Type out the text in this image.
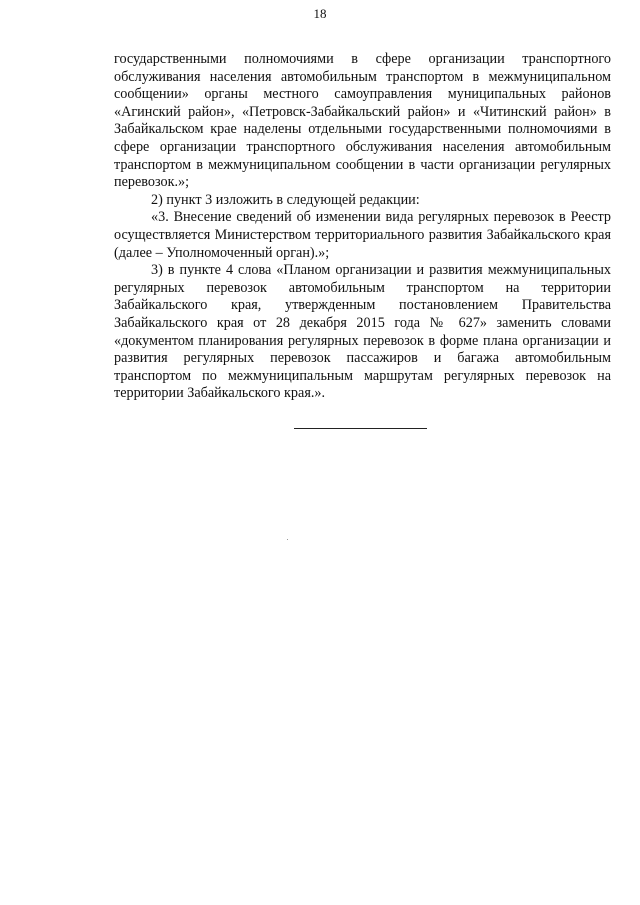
18

государственными полномочиями в сфере организации транспортного обслуживания населения автомобильным транспортом в межмуниципальном сообщении» органы местного самоуправления муниципальных районов «Агинский район», «Петровск-Забайкальский район» и «Читинский район» в Забайкальском крае наделены отдельными государственными полномочиями в сфере организации транспортного обслуживания населения автомобильным транспортом в межмуниципальном сообщении в части организации регулярных перевозок.»;

2) пункт 3 изложить в следующей редакции:

«3. Внесение сведений об изменении вида регулярных перевозок в Реестр осуществляется Министерством территориального развития Забайкальского края (далее – Уполномоченный орган).»;

3) в пункте 4 слова «Планом организации и развития межмуниципальных регулярных перевозок автомобильным транспортом на территории Забайкальского края, утвержденным постановлением Правительства Забайкальского края от 28 декабря 2015 года № 627» заменить словами «документом планирования регулярных перевозок в форме плана организации и развития регулярных перевозок пассажиров и багажа автомобильным транспортом по межмуниципальным маршрутам регулярных перевозок на территории Забайкальского края.».
